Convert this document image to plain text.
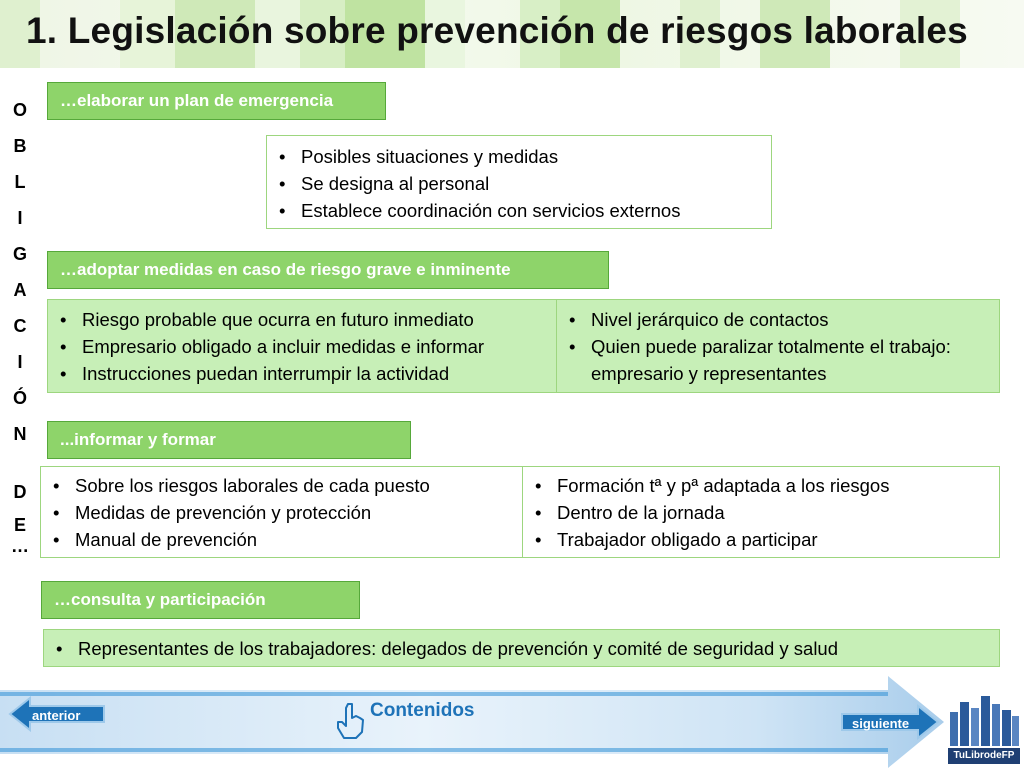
1. Legislación sobre prevención de riesgos laborales
O
B
L
I
G
A
C
I
Ó
N
D
E
…
…elaborar un plan de emergencia
• Posibles situaciones y medidas
• Se designa al personal
• Establece coordinación con servicios externos
…adoptar medidas en caso de riesgo grave e inminente
• Riesgo probable que ocurra en futuro inmediato
• Empresario obligado a incluir medidas e informar
• Instrucciones puedan interrumpir la actividad
• Nivel jerárquico de contactos
• Quien puede paralizar totalmente el trabajo: empresario y representantes
...informar y formar
• Sobre los riesgos laborales de cada puesto
• Medidas de prevención y protección
• Manual de prevención
• Formación tª y pª adaptada a los riesgos
• Dentro de la jornada
• Trabajador obligado a participar
…consulta y participación
• Representantes de los trabajadores: delegados de prevención y comité de seguridad y salud
anterior	Contenidos
siguiente
TuLibrodeFP
